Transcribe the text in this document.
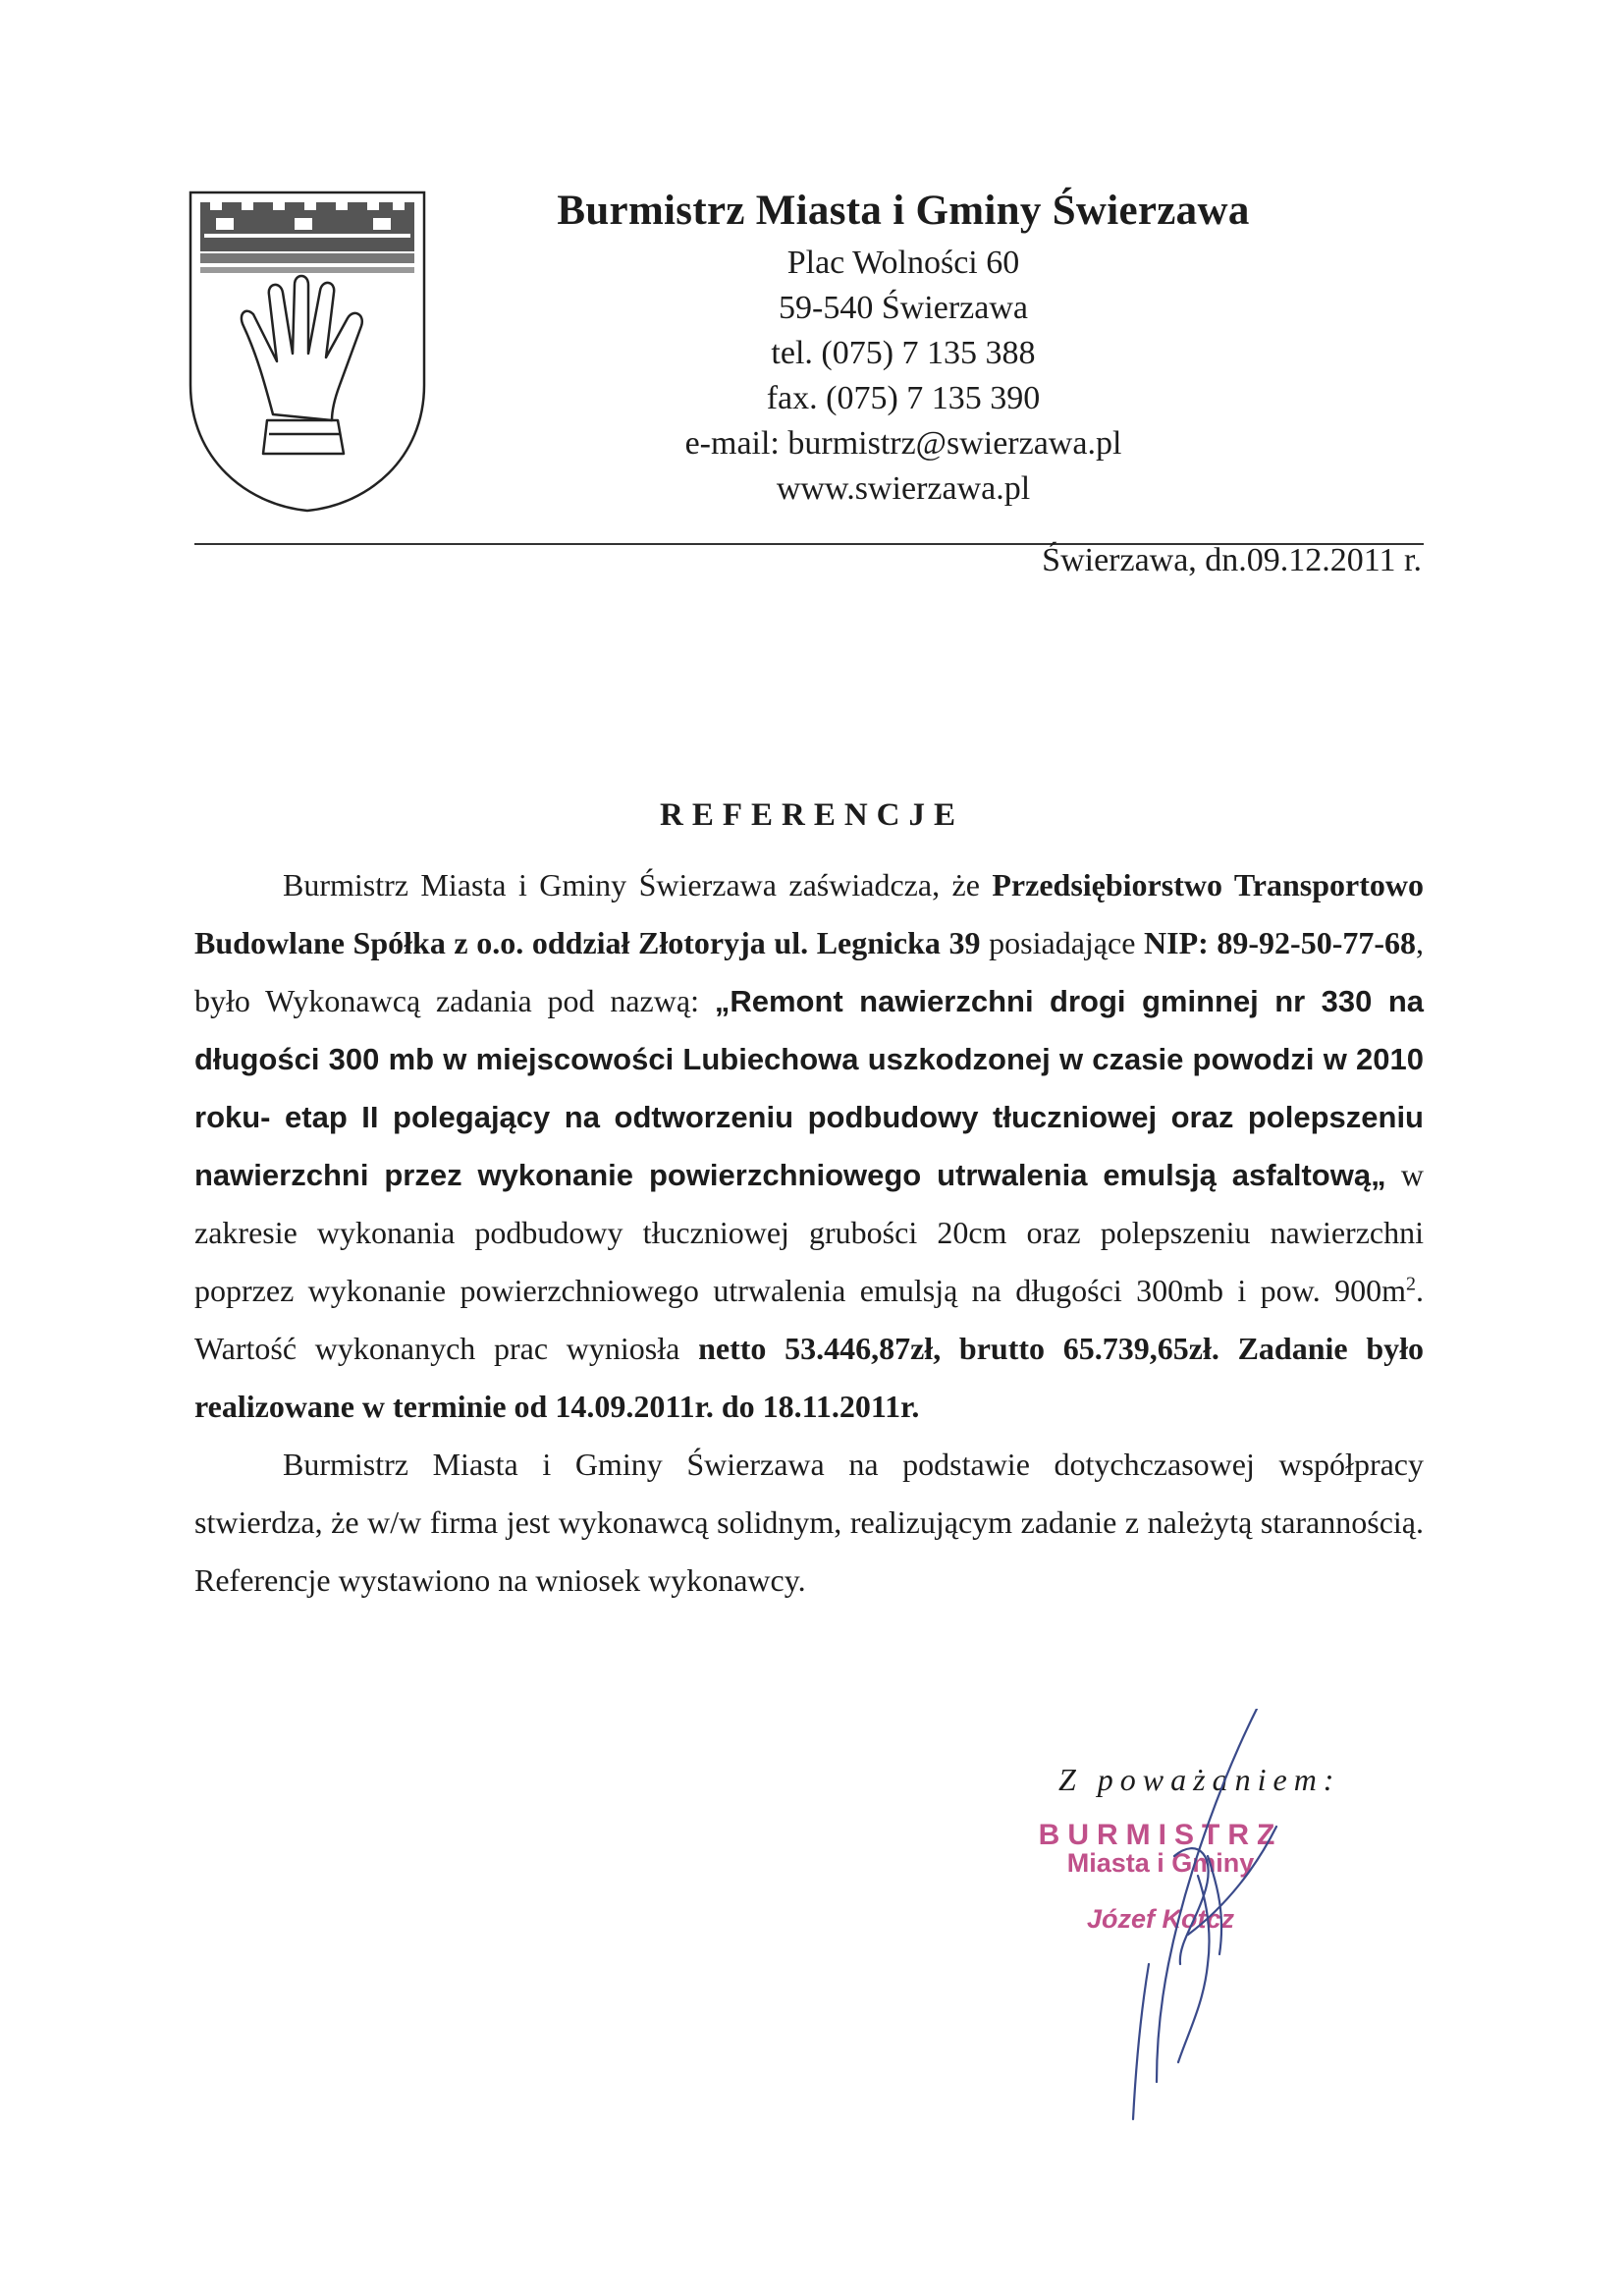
Burmistrz Miasta i Gminy Świerzawa
Plac Wolności 60
59-540 Świerzawa
tel. (075) 7 135 388
fax. (075) 7 135 390
e-mail: burmistrz@swierzawa.pl
www.swierzawa.pl
Świerzawa, dn.09.12.2011 r.
REFERENCJE

Burmistrz Miasta i Gminy Świerzawa zaświadcza, że Przedsiębiorstwo Transportowo Budowlane Spółka z o.o. oddział Złotoryja ul. Legnicka 39 posiadające NIP: 89-92-50-77-68, było Wykonawcą zadania pod nazwą: „Remont nawierzchni drogi gminnej nr 330 na długości 300 mb w miejscowości Lubiechowa uszkodzonej w czasie powodzi w 2010 roku- etap II polegający na odtworzeniu podbudowy tłuczniowej oraz polepszeniu nawierzchni przez wykonanie powierzchniowego utrwalenia emulsją asfaltową„ w zakresie wykonania podbudowy tłuczniowej grubości 20cm oraz polepszeniu nawierzchni poprzez wykonanie powierzchniowego utrwalenia emulsją na długości 300mb i pow. $900m^2$. Wartość wykonanych prac wyniosła netto 53.446,87zł, brutto 65.739,65zł. Zadanie było realizowane w terminie od 14.09.2011r. do 18.11.2011r.

Burmistrz Miasta i Gminy Świerzawa na podstawie dotychczasowej współpracy stwierdza, że w/w firma jest wykonawcą solidnym, realizującym zadanie z należytą starannością. Referencje wystawiono na wniosek wykonawcy.

Z poważaniem:
BURMISTRZ
Miasta i Gminy
Józef Kotcz
